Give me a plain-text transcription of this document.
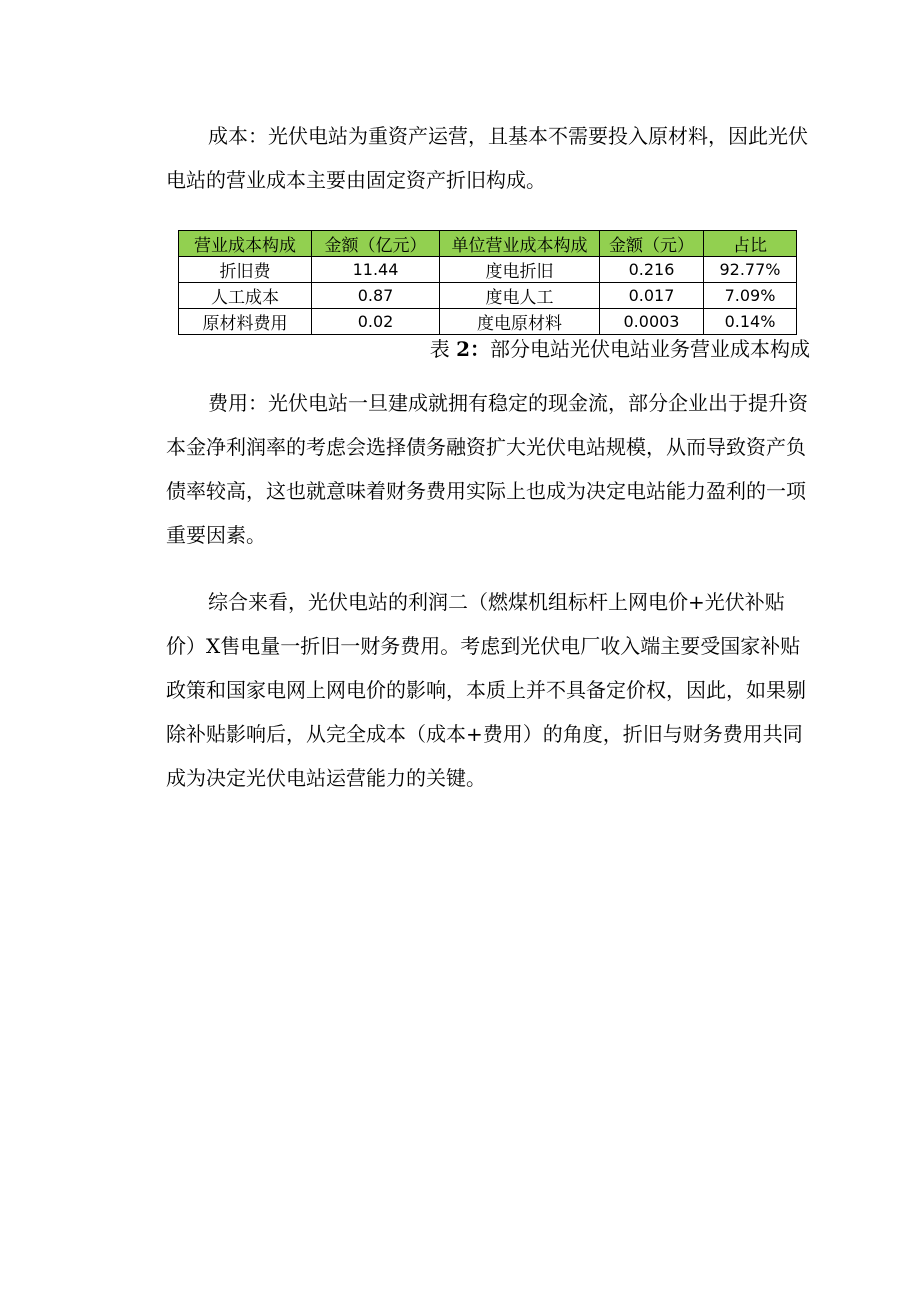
成本：光伏电站为重资产运营，且基本不需要投入原材料，因此光伏电站的营业成本主要由固定资产折旧构成。

营业成本构成	金额（亿元）	单位营业成本构成	金额（元）	占比
折旧费	11.44	度电折旧	0.216	92.77%
人工成本	0.87	度电人工	0.017	7.09%
原材料费用	0.02	度电原材料	0.0003	0.14%

表 2：部分电站光伏电站业务营业成本构成

费用：光伏电站一旦建成就拥有稳定的现金流，部分企业出于提升资本金净利润率的考虑会选择债务融资扩大光伏电站规模，从而导致资产负债率较高，这也就意味着财务费用实际上也成为决定电站能力盈利的一项重要因素。

综合来看，光伏电站的利润二（燃煤机组标杆上网电价+光伏补贴价）X售电量一折旧一财务费用。考虑到光伏电厂收入端主要受国家补贴政策和国家电网上网电价的影响，本质上并不具备定价权，因此，如果剔除补贴影响后，从完全成本（成本+费用）的角度，折旧与财务费用共同成为决定光伏电站运营能力的关键。
